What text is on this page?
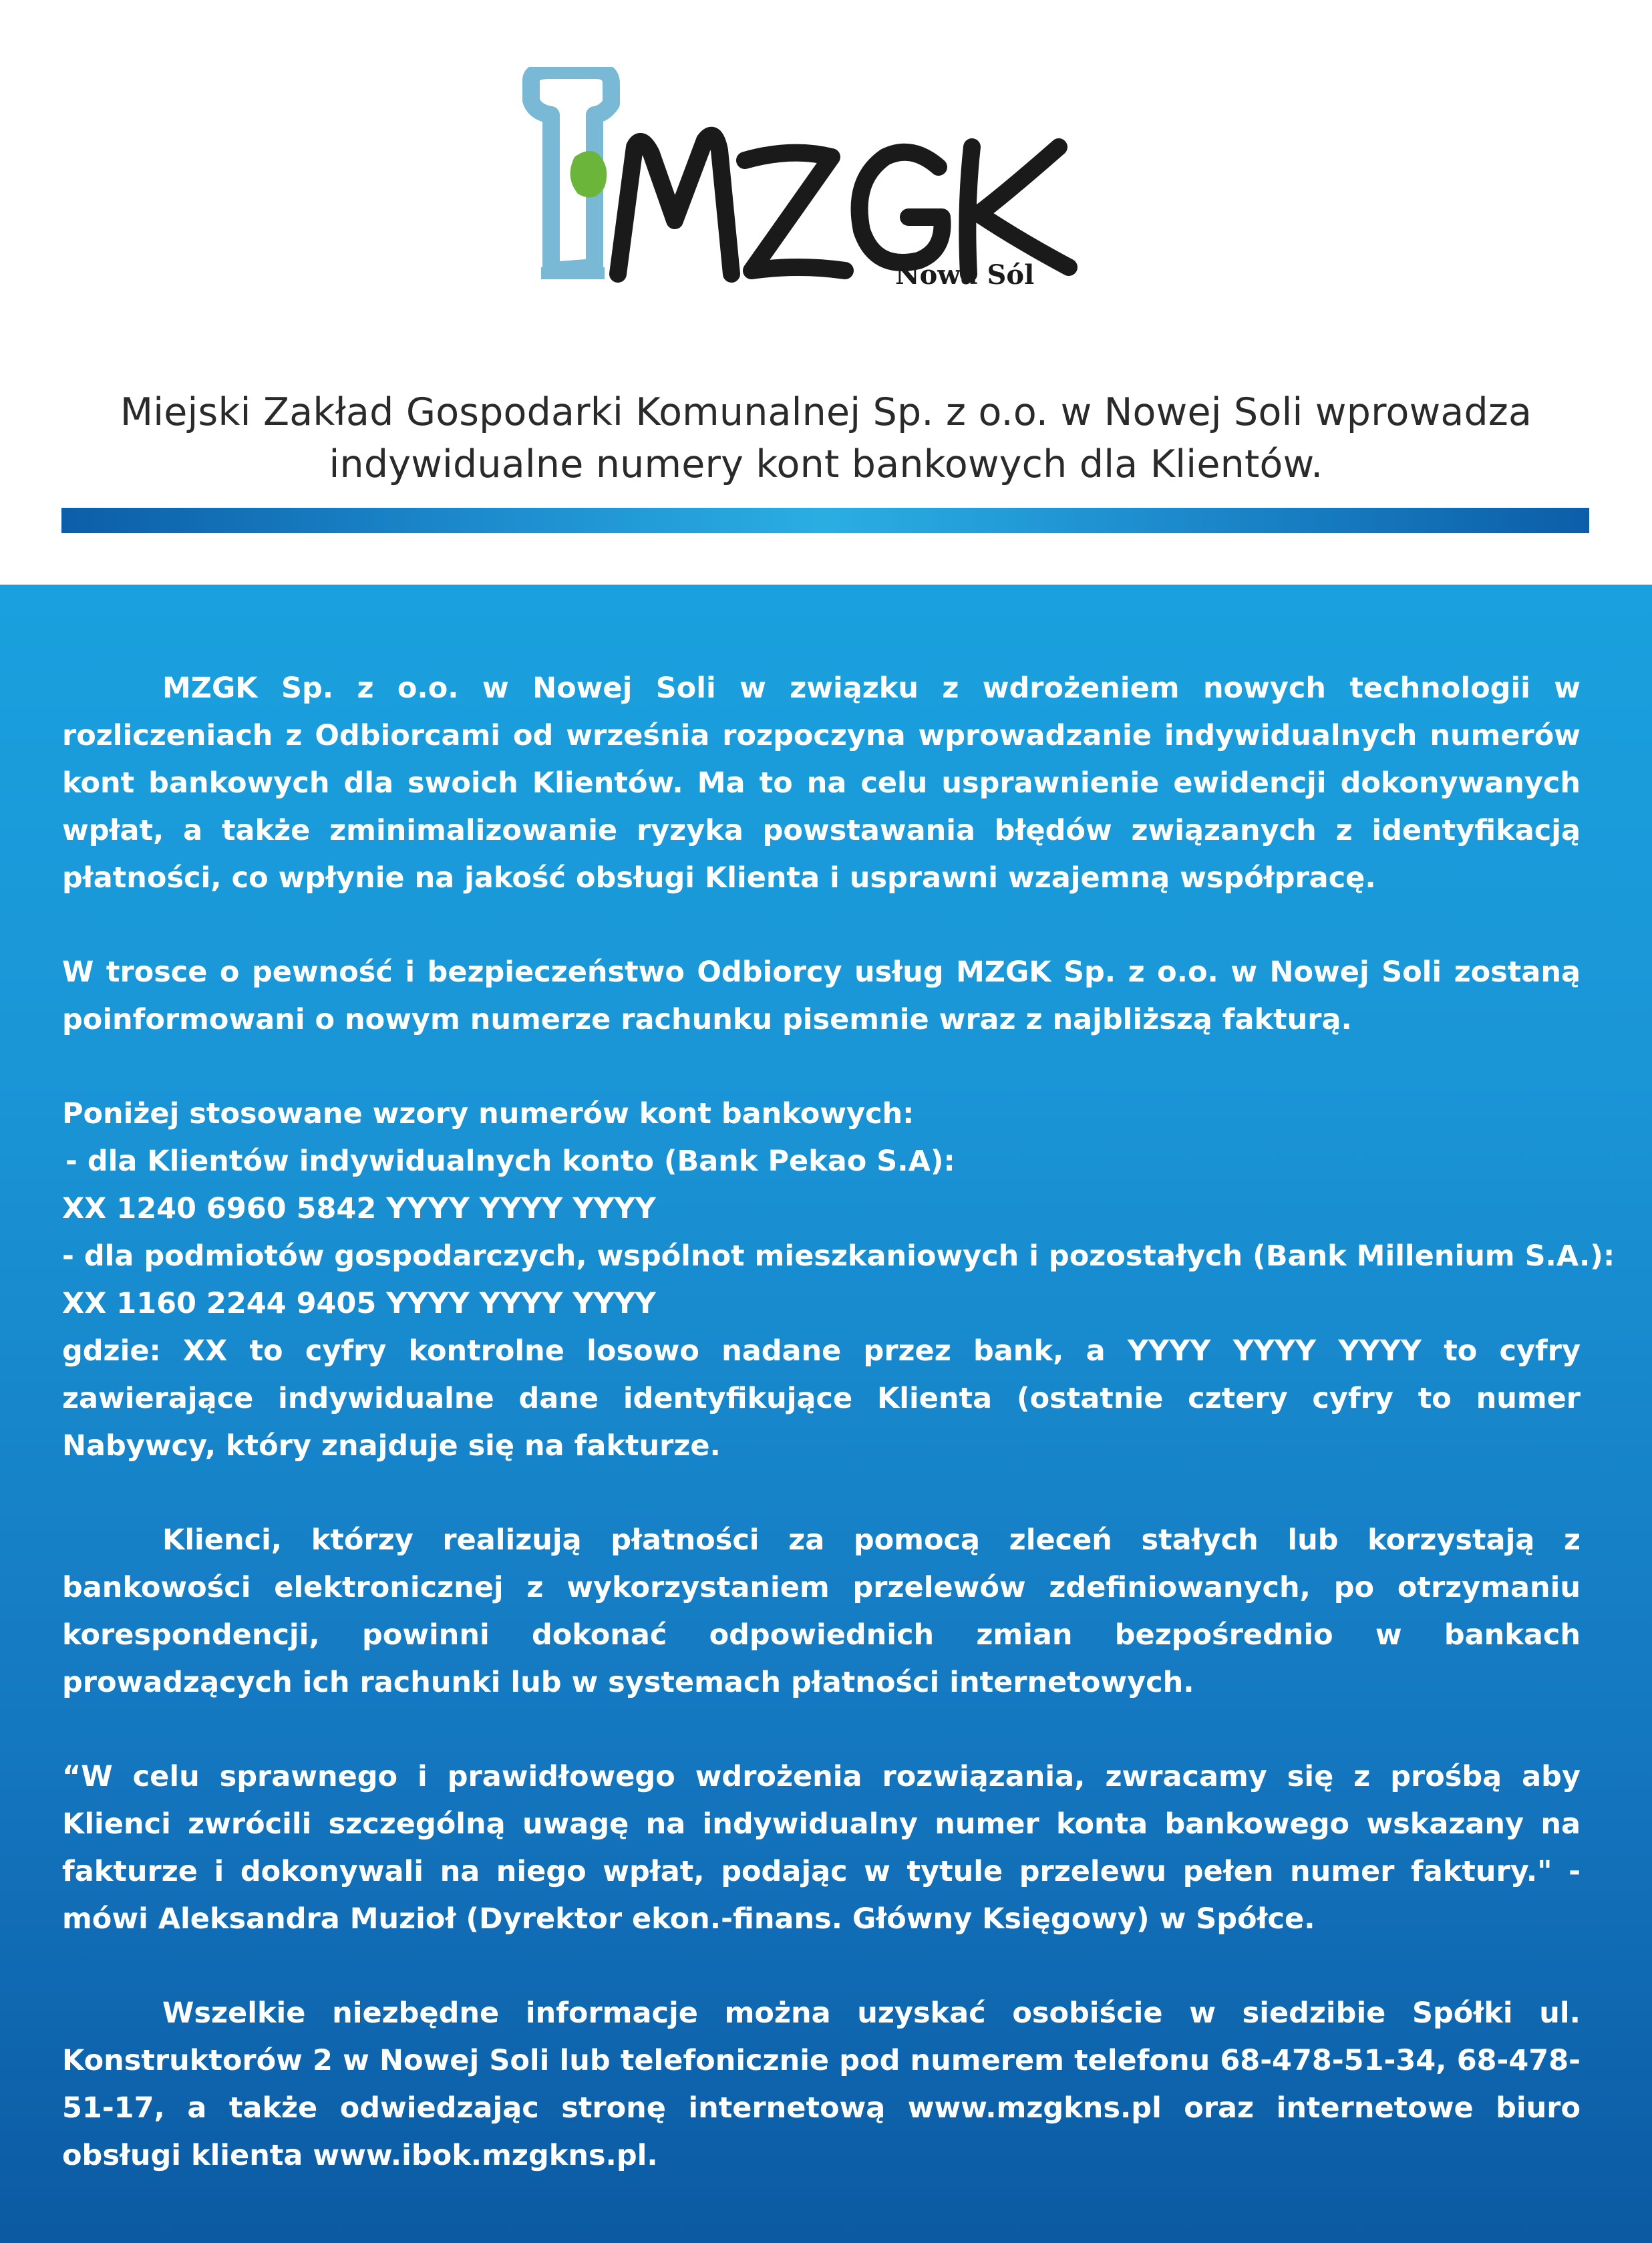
Nowa Sól
Miejski Zakład Gospodarki Komunalnej Sp. z o.o. w Nowej Soli wprowadza
indywidualne numery kont bankowych dla Klientów.

MZGK Sp. z o.o. w Nowej Soli w związku z wdrożeniem nowych technologii w rozliczeniach z Odbiorcami od września rozpoczyna wprowadzanie indywidualnych numerów kont bankowych dla swoich Klientów. Ma to na celu usprawnienie ewidencji dokonywanych wpłat, a także zminimalizowanie ryzyka powstawania błędów związanych z identyfikacją płatności, co wpłynie na jakość obsługi Klienta i usprawni wzajemną współpracę.

W trosce o pewność i bezpieczeństwo Odbiorcy usług MZGK Sp. z o.o. w Nowej Soli zostaną poinformowani o nowym numerze rachunku pisemnie wraz z najbliższą fakturą.

Poniżej stosowane wzory numerów kont bankowych:
- dla Klientów indywidualnych konto (Bank Pekao S.A):
XX 1240 6960 5842 YYYY YYYY YYYY
- dla podmiotów gospodarczych, wspólnot mieszkaniowych i pozostałych (Bank Millenium S.A.):
XX 1160 2244 9405 YYYY YYYY YYYY

gdzie: XX to cyfry kontrolne losowo nadane przez bank, a YYYY YYYY YYYY to cyfry zawierające indywidualne dane identyfikujące Klienta (ostatnie cztery cyfry to numer Nabywcy, który znajduje się na fakturze.

Klienci, którzy realizują płatności za pomocą zleceń stałych lub korzystają z bankowości elektronicznej z wykorzystaniem przelewów zdefiniowanych, po otrzymaniu korespondencji, powinni dokonać odpowiednich zmian bezpośrednio w bankach prowadzących ich rachunki lub w systemach płatności internetowych.

“W celu sprawnego i prawidłowego wdrożenia rozwiązania, zwracamy się z prośbą aby Klienci zwrócili szczególną uwagę na indywidualny numer konta bankowego wskazany na fakturze i dokonywali na niego wpłat, podając w tytule przelewu pełen numer faktury." - mówi Aleksandra Muzioł (Dyrektor ekon.-finans. Główny Księgowy) w Spółce.

Wszelkie niezbędne informacje można uzyskać osobiście w siedzibie Spółki ul. Konstruktorów 2 w Nowej Soli lub telefonicznie pod numerem telefonu 68-478-51-34, 68-478-51-17, a także odwiedzając stronę internetową www.mzgkns.pl oraz internetowe biuro obsługi klienta www.ibok.mzgkns.pl.
